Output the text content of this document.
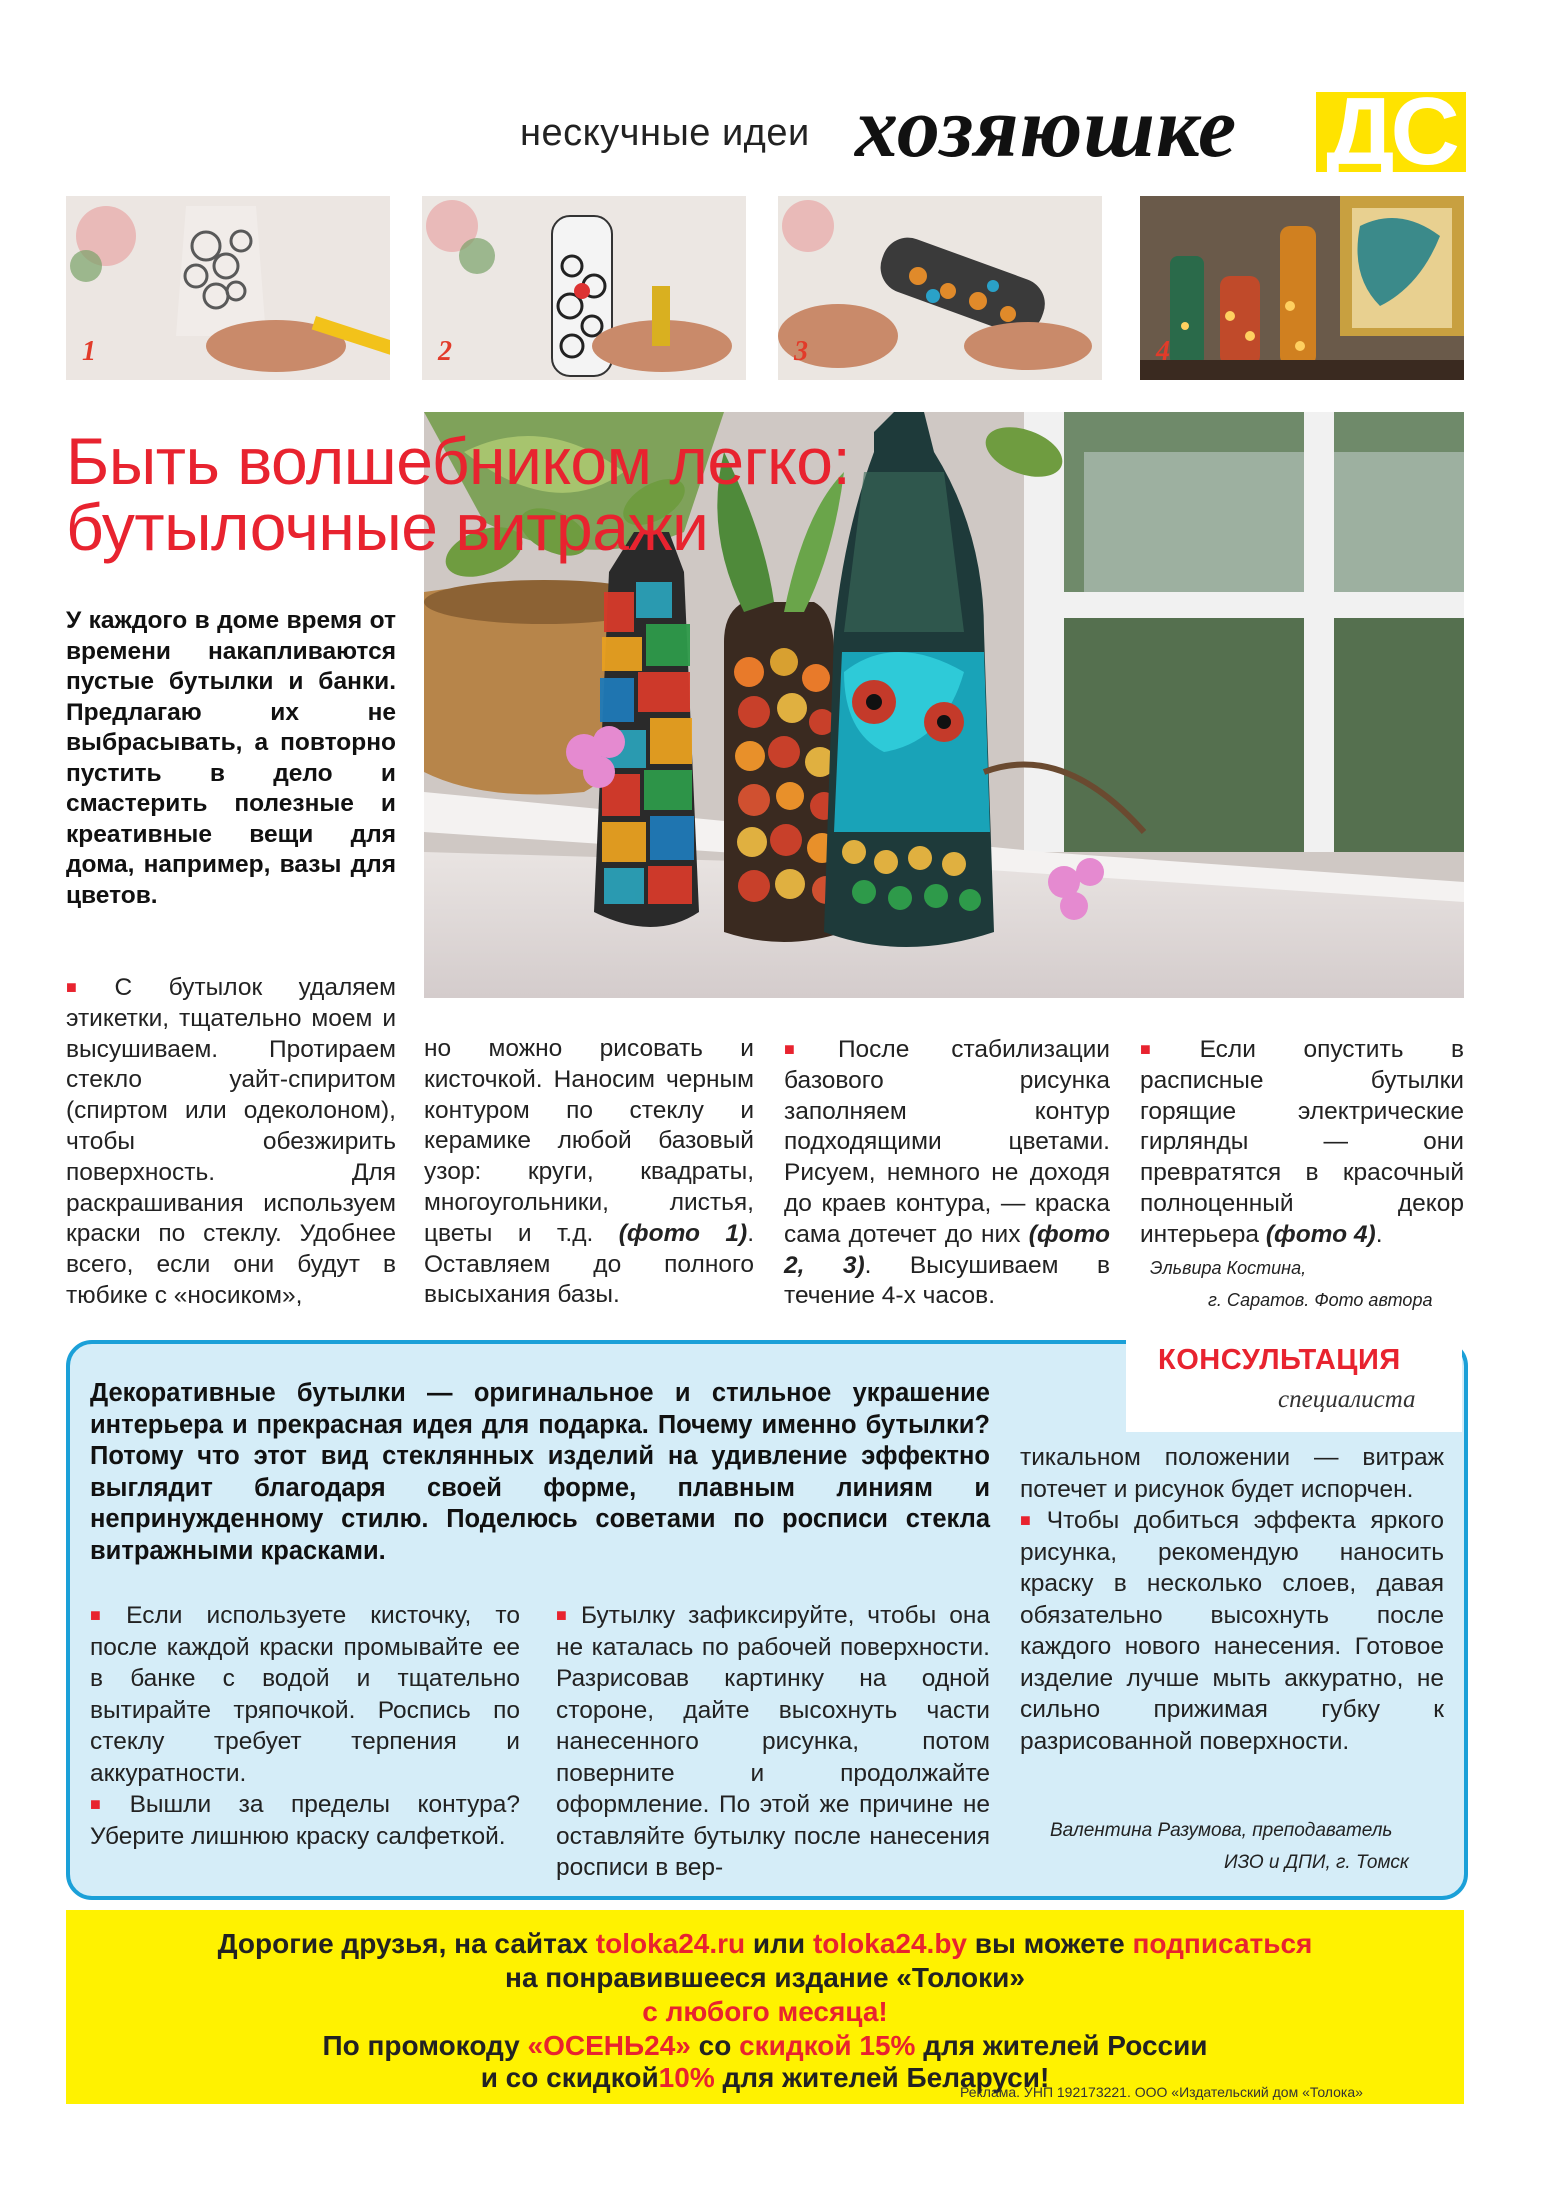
нескучные идеи хозяюшке ДС
1	2	3	4
Быть волшебником легко:
бутылочные витражи
У каждого в доме время от времени накапливаются пустые бутылки и банки. Предлагаю их не выбрасывать, а повторно пустить в дело и смастерить полезные и креативные вещи для дома, например, вазы для цветов.

■ С бутылок удаляем этикетки, тщательно моем и высушиваем. Протираем стекло уайт-спиритом (спиртом или одеколоном), чтобы обезжирить поверхность. Для раскрашивания используем краски по стеклу. Удобнее всего, если они будут в тюбике с «носиком»,

но можно рисовать и кисточкой. Наносим черным контуром по стеклу и керамике любой базовый узор: круги, квадраты, многоугольники, листья, цветы и т.д. (фото 1). Оставляем до полного высыхания базы.

■ После стабилизации базового рисунка заполняем контур подходящими цветами. Рисуем, немного не доходя до краев контура, — краска сама дотечет до них (фото 2, 3). Высушиваем в течение 4-х часов.

■ Если опустить в расписные бутылки горящие электрические гирлянды — они превратятся в красочный полноценный декор интерьера (фото 4).

Эльвира Костина,
г. Саратов. Фото автора
КОНСУЛЬТАЦИЯ
специалиста
Декоративные бутылки — оригинальное и стильное украшение интерьера и прекрасная идея для подарка. Почему именно бутылки? Потому что этот вид стеклянных изделий на удивление эффектно выглядит благодаря своей форме, плавным линиям и непринужденному стилю. Поделюсь советами по росписи стекла витражными красками.

■ Если используете кисточку, то после каждой краски промывайте ее в банке с водой и тщательно вытирайте тряпочкой. Роспись по стеклу требует терпения и аккуратности.

■ Вышли за пределы контура? Уберите лишнюю краску салфеткой.

■ Бутылку зафиксируйте, чтобы она не каталась по рабочей поверхности. Разрисовав картинку на одной стороне, дайте высохнуть части нанесенного рисунка, потом поверните и продолжайте оформление. По этой же причине не оставляйте бутылку после нанесения росписи в вер-

тикальном положении — витраж потечет и рисунок будет испорчен.

■ Чтобы добиться эффекта яркого рисунка, рекомендую наносить краску в несколько слоев, давая обязательно высохнуть после каждого нового нанесения. Готовое изделие лучше мыть аккуратно, не сильно прижимая губку к разрисованной поверхности.

Валентина Разумова, преподаватель
ИЗО и ДПИ, г. Томск
Дорогие друзья, на сайтах toloka24.ru или toloka24.by вы можете подписаться
на понравившееся издание «Толоки»
с любого месяца!
По промокоду «ОСЕНЬ24» со скидкой 15% для жителей России
и со скидкой10% для жителей Беларуси!
Реклама. УНП 192173221. ООО «Издательский дом «Толока»
